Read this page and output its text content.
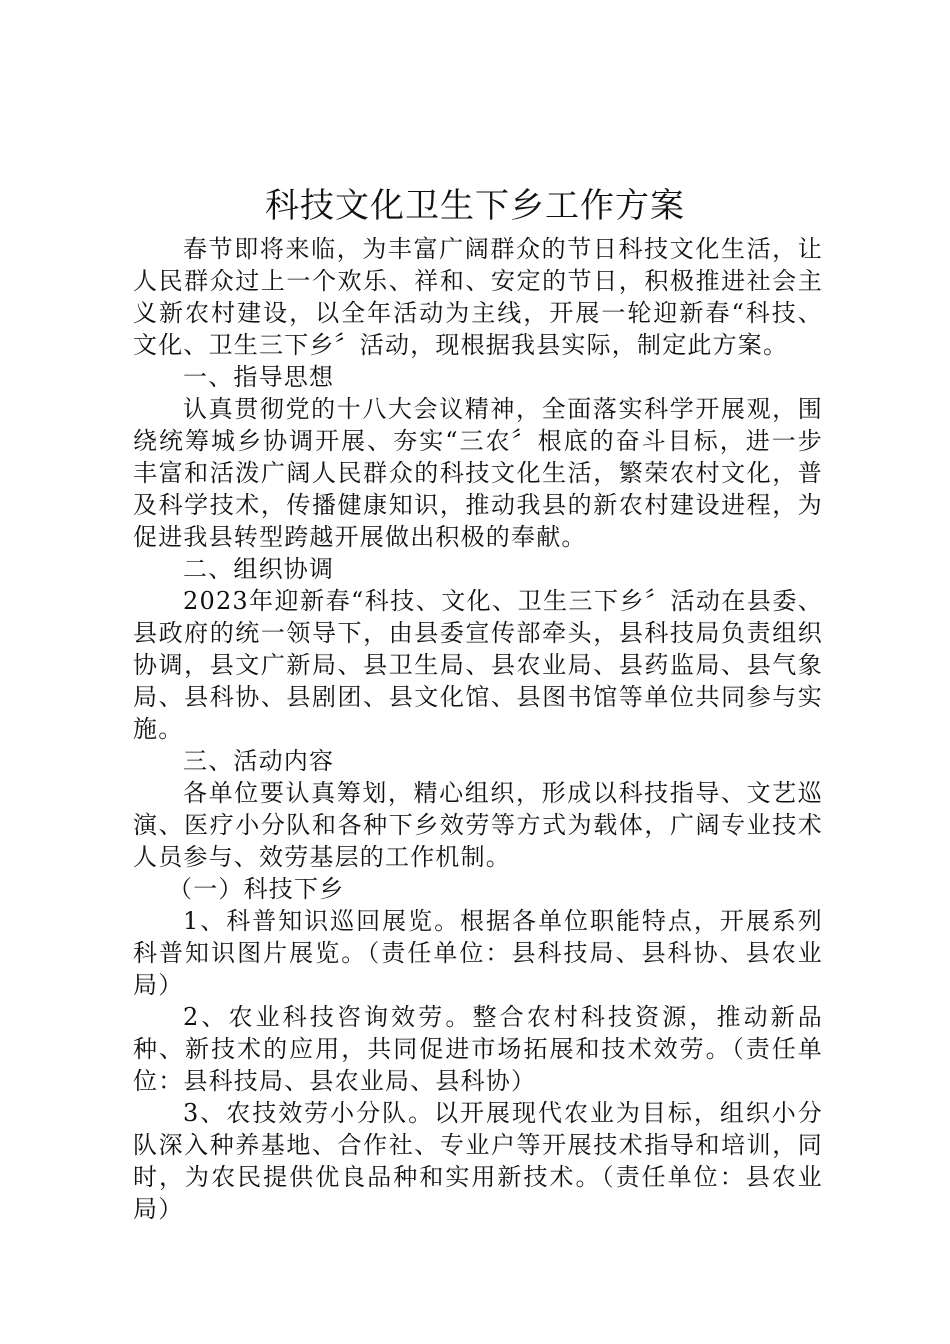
科技文化卫生下乡工作方案

春节即将来临，为丰富广阔群众的节日科技文化生活，让人民群众过上一个欢乐、祥和、安定的节日，积极推进社会主义新农村建设，以全年活动为主线，开展一轮迎新春“科技、文化、卫生三下乡〞活动，现根据我县实际，制定此方案。

一、指导思想

认真贯彻党的十八大会议精神，全面落实科学开展观，围绕统筹城乡协调开展、夯实“三农〞根底的奋斗目标，进一步丰富和活泼广阔人民群众的科技文化生活，繁荣农村文化，普及科学技术，传播健康知识，推动我县的新农村建设进程，为促进我县转型跨越开展做出积极的奉献。

二、组织协调

2023年迎新春“科技、文化、卫生三下乡〞活动在县委、县政府的统一领导下，由县委宣传部牵头，县科技局负责组织协调，县文广新局、县卫生局、县农业局、县药监局、县气象局、县科协、县剧团、县文化馆、县图书馆等单位共同参与实施。

三、活动内容

各单位要认真筹划，精心组织，形成以科技指导、文艺巡演、医疗小分队和各种下乡效劳等方式为载体，广阔专业技术人员参与、效劳基层的工作机制。

（一）科技下乡

1、科普知识巡回展览。根据各单位职能特点，开展系列科普知识图片展览。（责任单位：县科技局、县科协、县农业局）

2、农业科技咨询效劳。整合农村科技资源，推动新品种、新技术的应用，共同促进市场拓展和技术效劳。（责任单位：县科技局、县农业局、县科协）

3、农技效劳小分队。以开展现代农业为目标，组织小分队深入种养基地、合作社、专业户等开展技术指导和培训，同时，为农民提供优良品种和实用新技术。（责任单位：县农业局）
